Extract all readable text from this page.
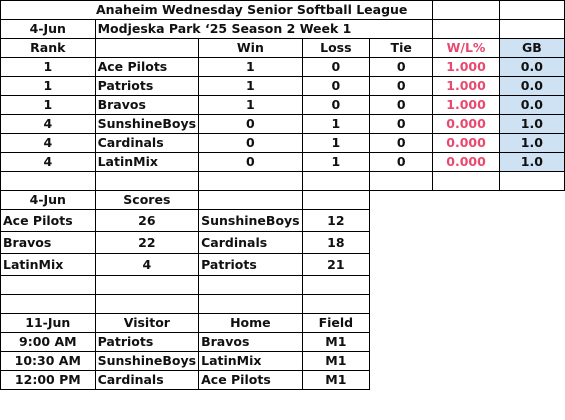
Anaheim Wednesday Senior Softball League						
4-Jun	Modjeska Park ‘25 Season 2 Week 1					
Rank		Win	Loss	Tie	W/L%	GB
1	Ace Pilots	1	0	0	1.000	0.0
1	Patriots	1	0	0	1.000	0.0
1	Bravos	1	0	0	1.000	0.0
4	SunshineBoys	0	1	0	0.000	1.0
4	Cardinals	0	1	0	0.000	1.0
4	LatinMix	0	1	0	0.000	1.0

4-Jun	Scores					
Ace Pilots	26	SunshineBoys	12			
Bravos	22	Cardinals	18			
LatinMix	4	Patriots	21			

11-Jun	Visitor	Home	Field			
9:00 AM	Patriots	Bravos	M1			
10:30 AM	SunshineBoys	LatinMix	M1			
12:00 PM	Cardinals	Ace Pilots	M1			
